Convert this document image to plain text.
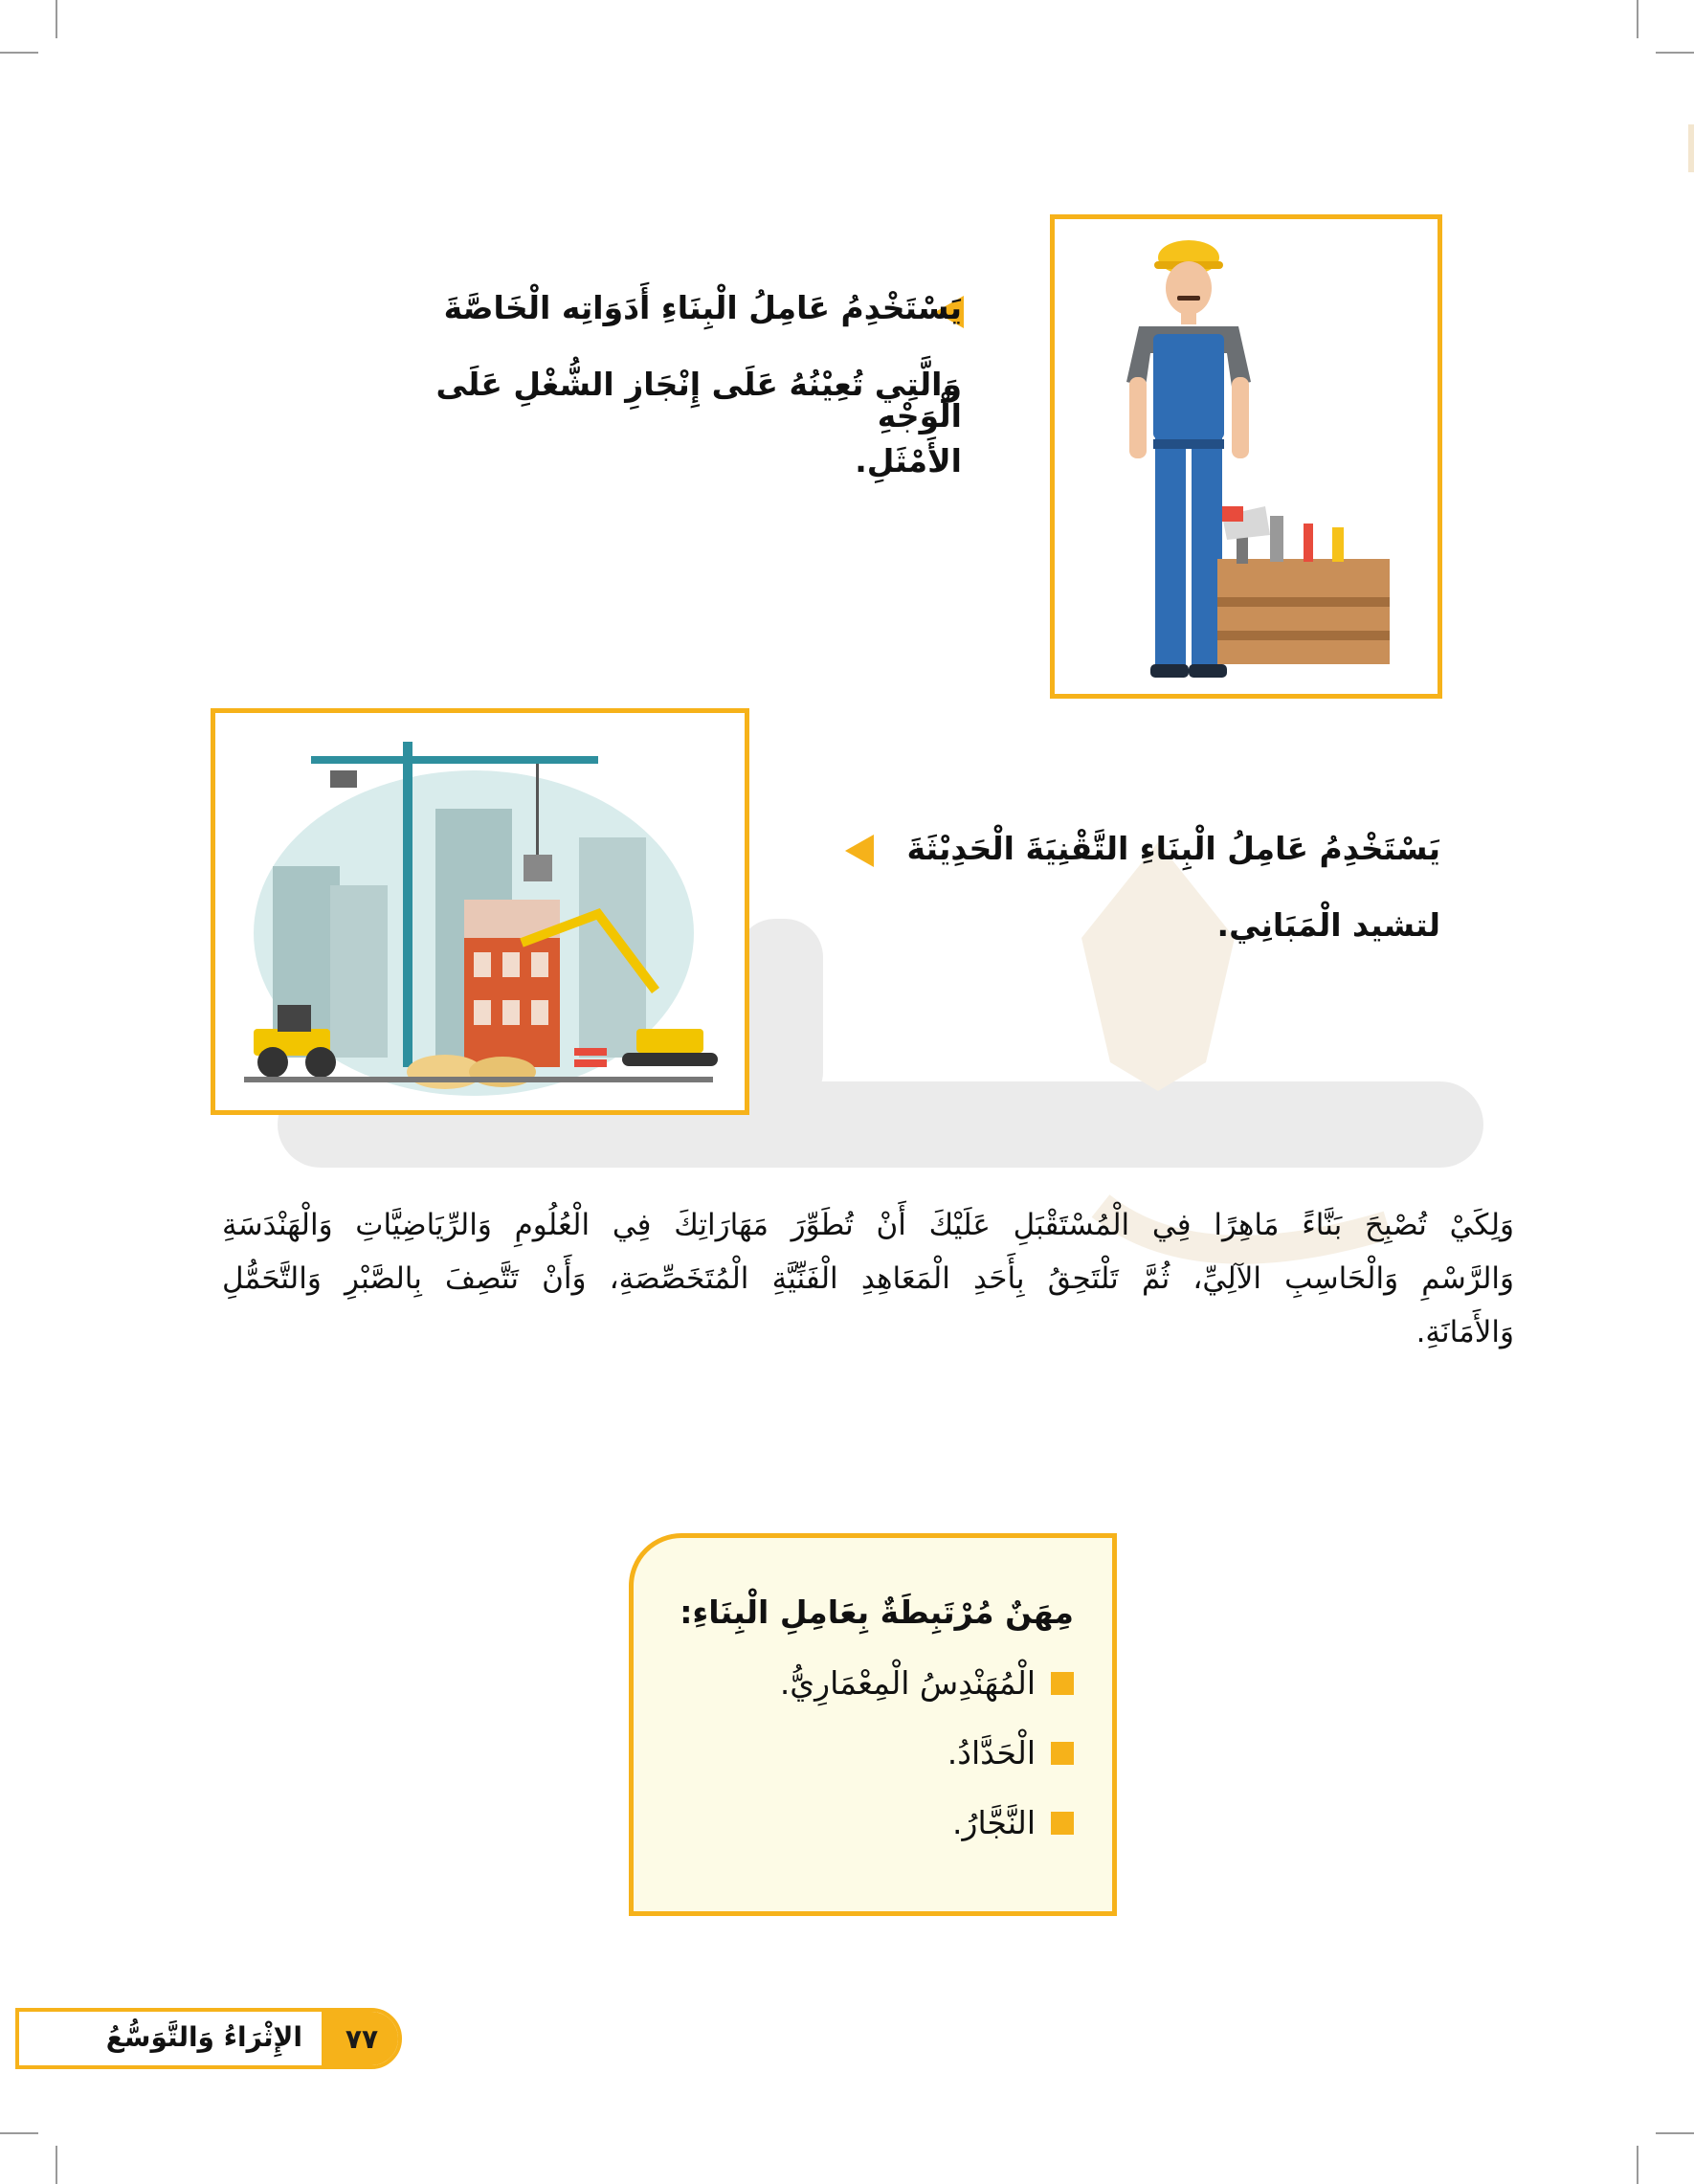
يَسْتَخْدِمُ عَامِلُ الْبِنَاءِ أَدَوَاتِه الْخَاصَّةَ
وَالَّتِي تُعِيْنُهُ عَلَى إِنْجَازِ الشُّغْلِ عَلَى الْوَجْهِ
الأَمْثَلِ.
يَسْتَخْدِمُ عَامِلُ الْبِنَاءِ التَّقْنِيَةَ الْحَدِيْثَةَ
لتشيد الْمَبَانِي.
وَلِكَيْ تُصْبِحَ بَنَّاءً مَاهِرًا فِي الْمُسْتَقْبَلِ عَلَيْكَ أَنْ تُطَوِّرَ مَهَارَاتِكَ فِي الْعُلُومِ وَالرِّيَاضِيَّاتِ وَالْهَنْدَسَةِ
وَالرَّسْمِ وَالْحَاسِبِ الآلِيِّ، ثُمَّ تَلْتَحِقُ بِأَحَدِ الْمَعَاهِدِ الْفَنِّيَّةِ الْمُتَخَصِّصَةِ، وَأَنْ تَتَّصِفَ بِالصَّبْرِ وَالتَّحَمُّلِ
وَالأَمَانَةِ.
مِهَنٌ مُرْتَبِطَةٌ بِعَامِلِ الْبِنَاءِ:
الْمُهَنْدِسُ الْمِعْمَارِيُّ.
الْحَدَّادُ.
النَّجَّارُ.
٧٧
الإِثْرَاءُ وَالتَّوَسُّعُ
